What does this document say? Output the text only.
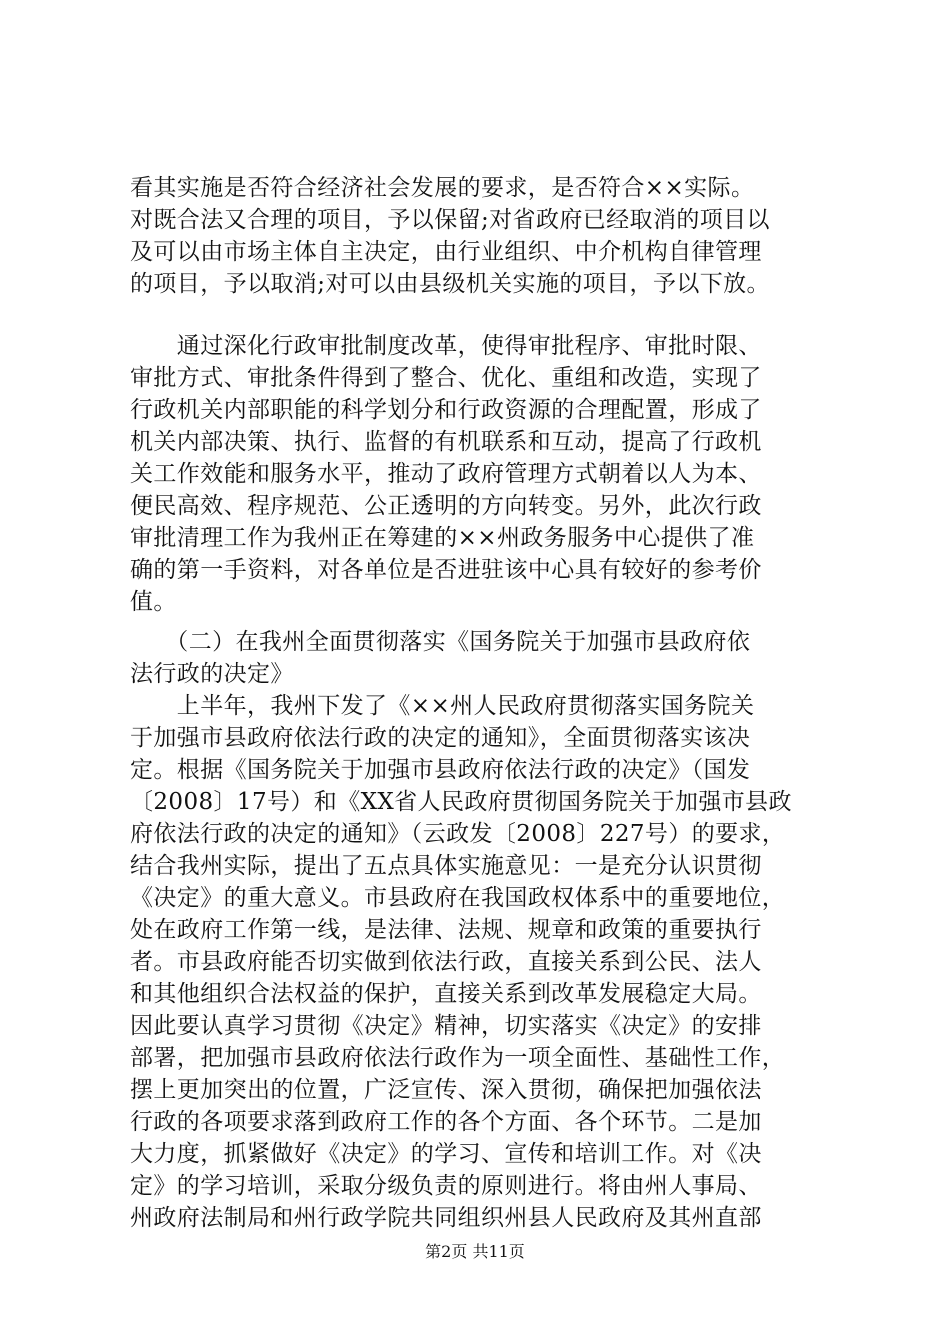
看其实施是否符合经济社会发展的要求，是否符合××实际。
对既合法又合理的项目，予以保留;对省政府已经取消的项目以
及可以由市场主体自主决定，由行业组织、中介机构自律管理
的项目，予以取消;对可以由县级机关实施的项目，予以下放。
　　通过深化行政审批制度改革，使得审批程序、审批时限、
审批方式、审批条件得到了整合、优化、重组和改造，实现了
行政机关内部职能的科学划分和行政资源的合理配置，形成了
机关内部决策、执行、监督的有机联系和互动，提高了行政机
关工作效能和服务水平，推动了政府管理方式朝着以人为本、
便民高效、程序规范、公正透明的方向转变。另外，此次行政
审批清理工作为我州正在筹建的××州政务服务中心提供了准
确的第一手资料，对各单位是否进驻该中心具有较好的参考价
值。
　　（二）在我州全面贯彻落实《国务院关于加强市县政府依
法行政的决定》
　　上半年，我州下发了《××州人民政府贯彻落实国务院关
于加强市县政府依法行政的决定的通知》，全面贯彻落实该决
定。根据《国务院关于加强市县政府依法行政的决定》（国发
〔2008〕17号）和《XX省人民政府贯彻国务院关于加强市县政
府依法行政的决定的通知》（云政发〔2008〕227号）的要求，
结合我州实际，提出了五点具体实施意见：一是充分认识贯彻
《决定》的重大意义。市县政府在我国政权体系中的重要地位，
处在政府工作第一线，是法律、法规、规章和政策的重要执行
者。市县政府能否切实做到依法行政，直接关系到公民、法人
和其他组织合法权益的保护，直接关系到改革发展稳定大局。
因此要认真学习贯彻《决定》精神，切实落实《决定》的安排
部署，把加强市县政府依法行政作为一项全面性、基础性工作，
摆上更加突出的位置，广泛宣传、深入贯彻，确保把加强依法
行政的各项要求落到政府工作的各个方面、各个环节。二是加
大力度，抓紧做好《决定》的学习、宣传和培训工作。对《决
定》的学习培训，采取分级负责的原则进行。将由州人事局、
州政府法制局和州行政学院共同组织州县人民政府及其州直部
第2页 共11页
